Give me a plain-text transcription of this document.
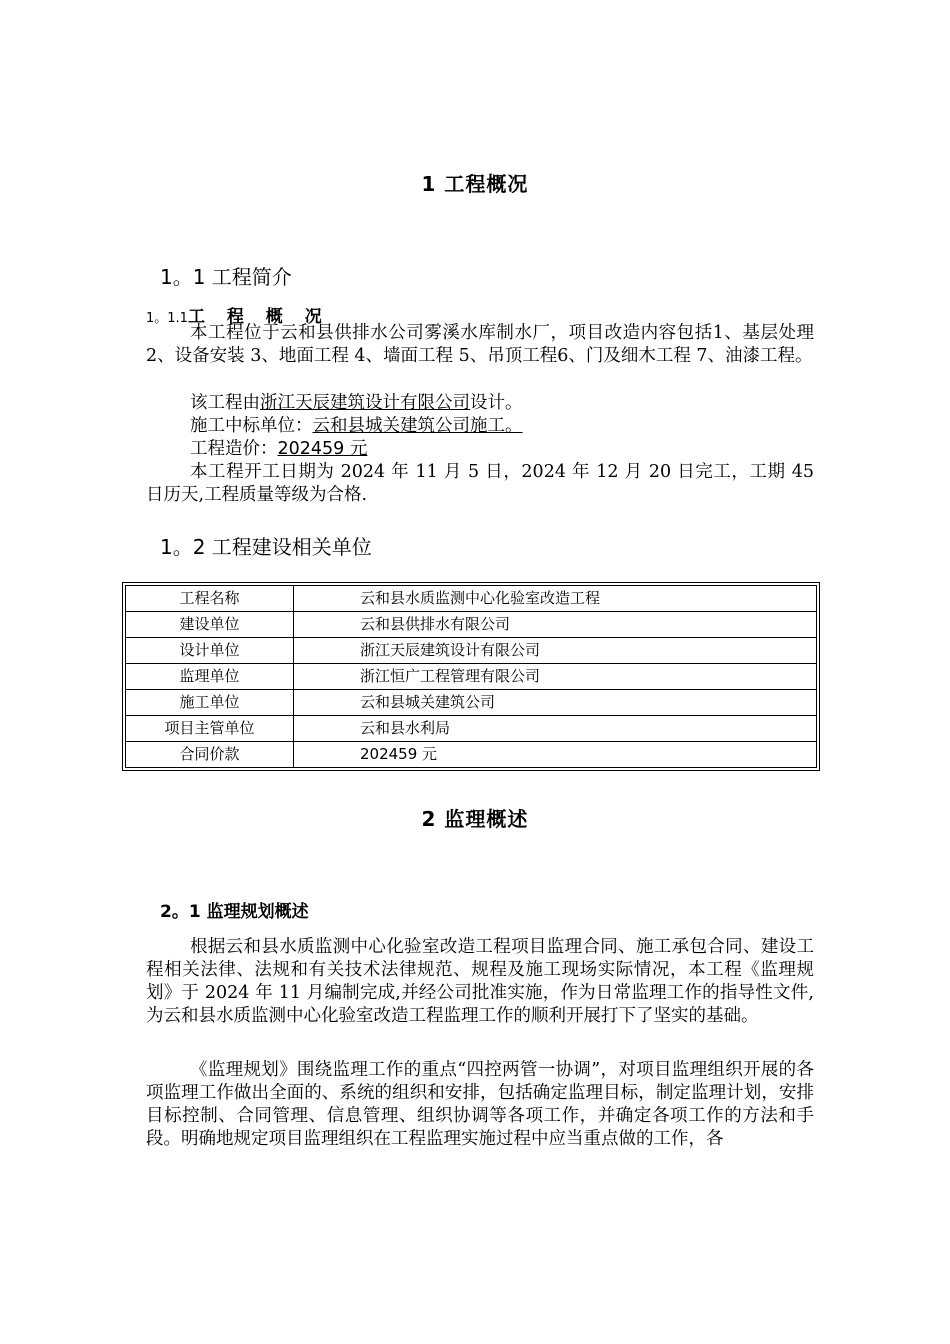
1 工程概况
1。1 工程简介
1。1.1工 程 概 况
本工程位于云和县供排水公司雾溪水库制水厂，项目改造内容包括1、基层处理 2、设备安装 3、地面工程 4、墙面工程 5、吊顶工程6、门及细木工程 7、油漆工程。
该工程由浙江天辰建筑设计有限公司设计。
施工中标单位：云和县城关建筑公司施工。
工程造价：202459 元
本工程开工日期为 2024 年 11 月 5 日，2024 年 12 月 20 日完工，工期 45 日历天,工程质量等级为合格.
1。2 工程建设相关单位
工程名称	云和县水质监测中心化验室改造工程
建设单位	云和县供排水有限公司
设计单位	浙江天辰建筑设计有限公司
监理单位	浙江恒广工程管理有限公司
施工单位	云和县城关建筑公司
项目主管单位	云和县水利局
合同价款	202459 元
2 监理概述
2。1 监理规划概述
根据云和县水质监测中心化验室改造工程项目监理合同、施工承包合同、建设工程相关法律、法规和有关技术法律规范、规程及施工现场实际情况，本工程《监理规划》于 2024 年 11 月编制完成,并经公司批准实施，作为日常监理工作的指导性文件,为云和县水质监测中心化验室改造工程监理工作的顺利开展打下了坚实的基础。
《监理规划》围绕监理工作的重点“四控两管一协调”，对项目监理组织开展的各项监理工作做出全面的、系统的组织和安排，包括确定监理目标，制定监理计划，安排目标控制、合同管理、信息管理、组织协调等各项工作，并确定各项工作的方法和手段。明确地规定项目监理组织在工程监理实施过程中应当重点做的工作，各
